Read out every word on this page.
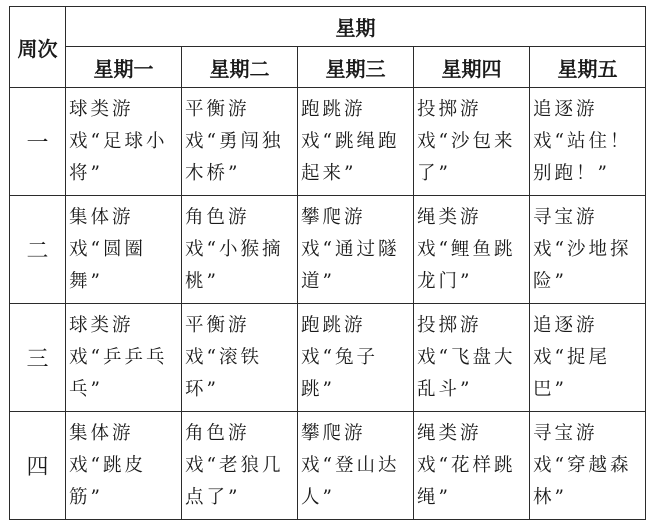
周次	星期				
	星期一	星期二	星期三	星期四	星期五
一	球类游戏“足球小将”	平衡游戏“勇闯独木桥”	跑跳游戏“跳绳跑起来”	投掷游戏“沙包来了”	追逐游戏“站住！别跑！”
二	集体游戏“圆圈舞”	角色游戏“小猴摘桃”	攀爬游戏“通过隧道”	绳类游戏“鲤鱼跳龙门”	寻宝游戏“沙地探险”
三	球类游戏“乒乒乓乓”	平衡游戏“滚铁环”	跑跳游戏“兔子跳”	投掷游戏“飞盘大乱斗”	追逐游戏“捉尾巴”
四	集体游戏“跳皮筋”	角色游戏“老狼几点了”	攀爬游戏“登山达人”	绳类游戏“花样跳绳”	寻宝游戏“穿越森林”
